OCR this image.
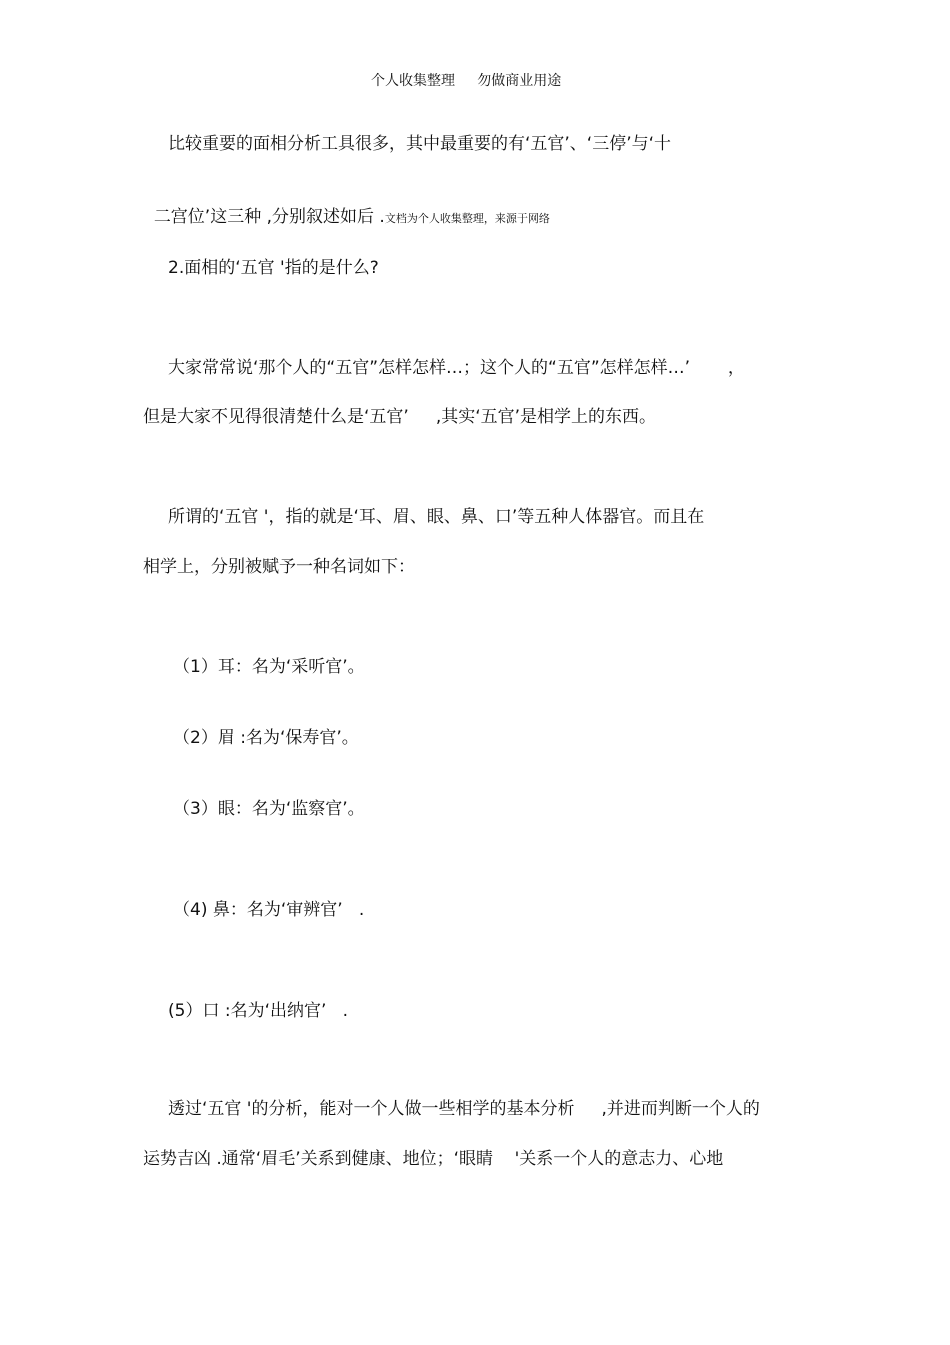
个人收集整理     勿做商业用途
比较重要的面相分析工具很多，其中最重要的有‘五官’、‘三停’与‘十

二宫位’这三种 ,分别叙述如后 .文档为个人收集整理，来源于网络

2.面相的‘五官 '指的是什么?
大家常常说‘那个人的“五官”怎样怎样…；这个人的“五官”怎样怎样…’       ，
但是大家不见得很清楚什么是‘五官’     ,其实‘五官’是相学上的东西。
所谓的‘五官 '，指的就是‘耳、眉、眼、鼻、口’等五种人体器官。而且在
相学上，分别被赋予一种名词如下：
（1）耳：名为‘采听官’。
（2）眉 :名为‘保寿官’。
（3）眼：名为‘监察官’。
（4) 鼻：名为‘审辨官’   .
(5）口 :名为‘出纳官’   .
透过‘五官 '的分析，能对一个人做一些相学的基本分析     ,并进而判断一个人的
运势吉凶 .通常‘眉毛’关系到健康、地位；‘眼睛    '关系一个人的意志力、心地
